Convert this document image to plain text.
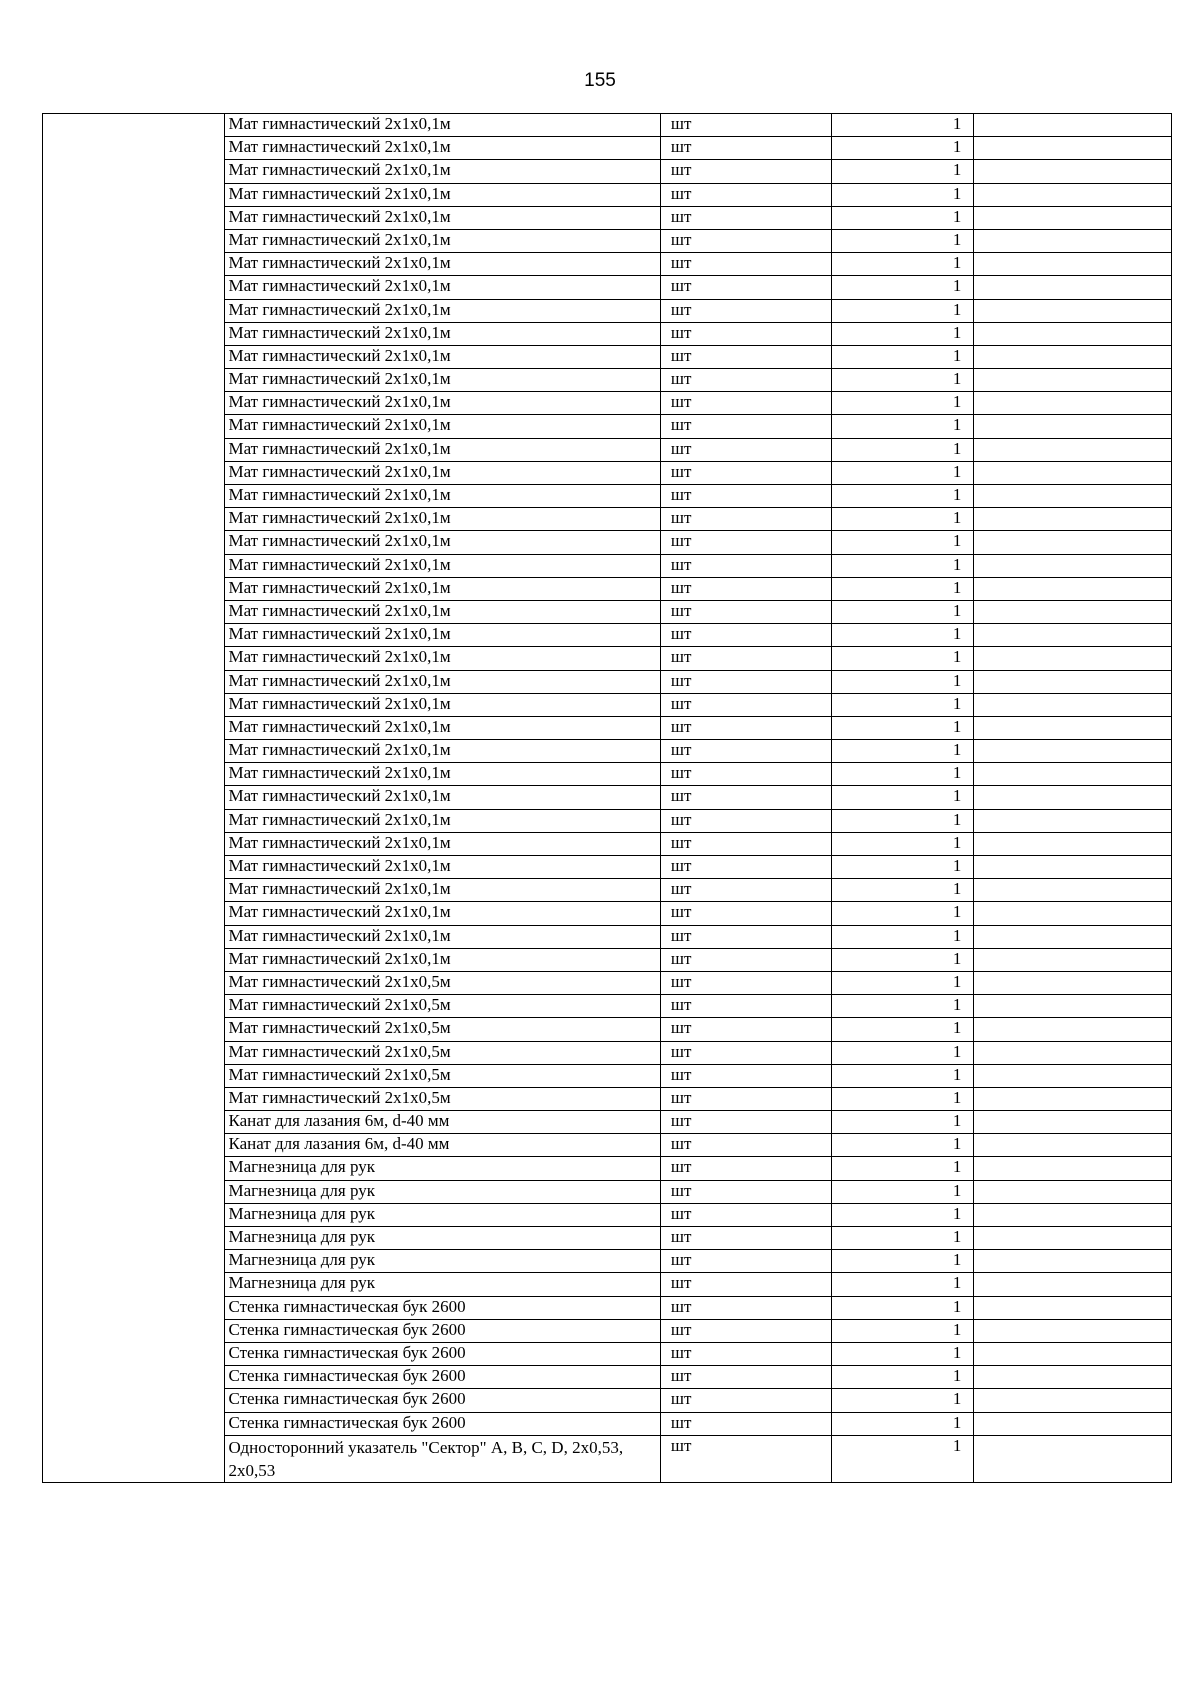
155
	Мат гимнастический 2х1х0,1м	шт	1	
	Мат гимнастический 2х1х0,1м	шт	1	
	Мат гимнастический 2х1х0,1м	шт	1	
	Мат гимнастический 2х1х0,1м	шт	1	
	Мат гимнастический 2х1х0,1м	шт	1	
	Мат гимнастический 2х1х0,1м	шт	1	
	Мат гимнастический 2х1х0,1м	шт	1	
	Мат гимнастический 2х1х0,1м	шт	1	
	Мат гимнастический 2х1х0,1м	шт	1	
	Мат гимнастический 2х1х0,1м	шт	1	
	Мат гимнастический 2х1х0,1м	шт	1	
	Мат гимнастический 2х1х0,1м	шт	1	
	Мат гимнастический 2х1х0,1м	шт	1	
	Мат гимнастический 2х1х0,1м	шт	1	
	Мат гимнастический 2х1х0,1м	шт	1	
	Мат гимнастический 2х1х0,1м	шт	1	
	Мат гимнастический 2х1х0,1м	шт	1	
	Мат гимнастический 2х1х0,1м	шт	1	
	Мат гимнастический 2х1х0,1м	шт	1	
	Мат гимнастический 2х1х0,1м	шт	1	
	Мат гимнастический 2х1х0,1м	шт	1	
	Мат гимнастический 2х1х0,1м	шт	1	
	Мат гимнастический 2х1х0,1м	шт	1	
	Мат гимнастический 2х1х0,1м	шт	1	
	Мат гимнастический 2х1х0,1м	шт	1	
	Мат гимнастический 2х1х0,1м	шт	1	
	Мат гимнастический 2х1х0,1м	шт	1	
	Мат гимнастический 2х1х0,1м	шт	1	
	Мат гимнастический 2х1х0,1м	шт	1	
	Мат гимнастический 2х1х0,1м	шт	1	
	Мат гимнастический 2х1х0,1м	шт	1	
	Мат гимнастический 2х1х0,1м	шт	1	
	Мат гимнастический 2х1х0,1м	шт	1	
	Мат гимнастический 2х1х0,1м	шт	1	
	Мат гимнастический 2х1х0,1м	шт	1	
	Мат гимнастический 2х1х0,1м	шт	1	
	Мат гимнастический 2х1х0,1м	шт	1	
	Мат гимнастический 2х1х0,5м	шт	1	
	Мат гимнастический 2х1х0,5м	шт	1	
	Мат гимнастический 2х1х0,5м	шт	1	
	Мат гимнастический 2х1х0,5м	шт	1	
	Мат гимнастический 2х1х0,5м	шт	1	
	Мат гимнастический 2х1х0,5м	шт	1	
	Канат для лазания 6м, d-40 мм	шт	1	
	Канат для лазания 6м, d-40 мм	шт	1	
	Магнезница для рук	шт	1	
	Магнезница для рук	шт	1	
	Магнезница для рук	шт	1	
	Магнезница для рук	шт	1	
	Магнезница для рук	шт	1	
	Магнезница для рук	шт	1	
	Стенка гимнастическая бук 2600	шт	1	
	Стенка гимнастическая бук 2600	шт	1	
	Стенка гимнастическая бук 2600	шт	1	
	Стенка гимнастическая бук 2600	шт	1	
	Стенка гимнастическая бук 2600	шт	1	
	Стенка гимнастическая бук 2600	шт	1	
	Односторонний указатель "Сектор" А, В, С, D, 2х0,53, 2х0,53	шт	1	
